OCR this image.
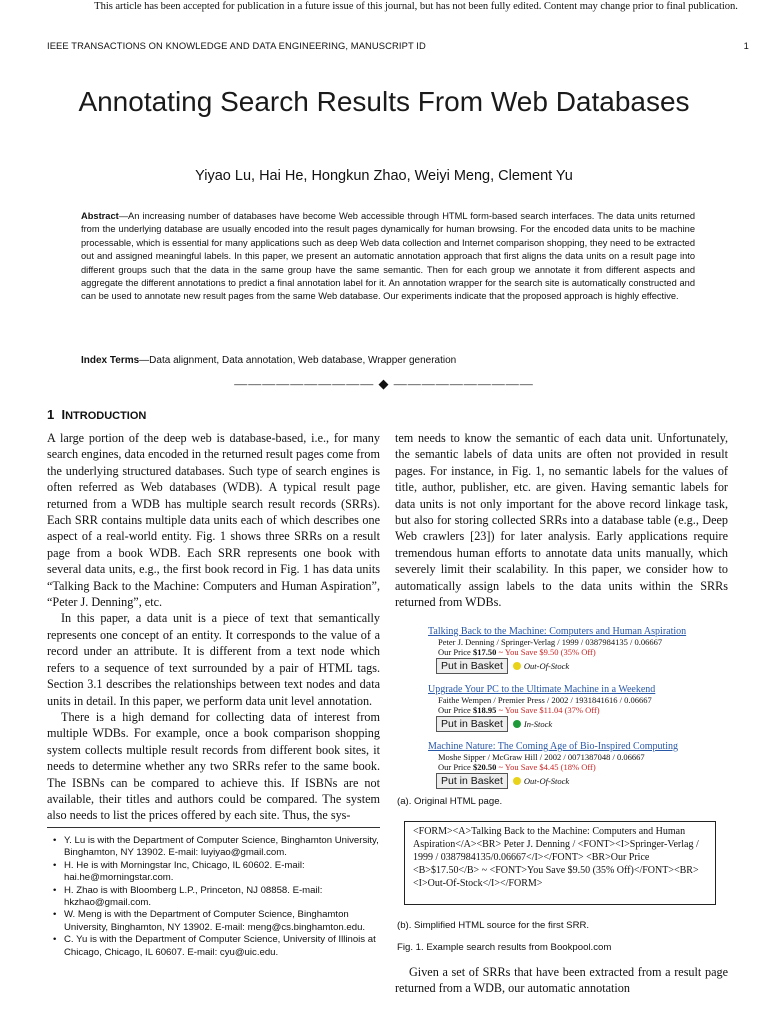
This article has been accepted for publication in a future issue of this journal, but has not been fully edited. Content may change prior to final publication.
IEEE TRANSACTIONS ON KNOWLEDGE AND DATA ENGINEERING, MANUSCRIPT ID	1
Annotating Search Results From Web Databases
Yiyao Lu, Hai He, Hongkun Zhao, Weiyi Meng, Clement Yu
Abstract—An increasing number of databases have become Web accessible through HTML form-based search interfaces. The data units returned from the underlying database are usually encoded into the result pages dynamically for human browsing. For the encoded data units to be machine processable, which is essential for many applications such as deep Web data collection and Internet comparison shopping, they need to be extracted out and assigned meaningful labels. In this paper, we present an automatic annotation approach that first aligns the data units on a result page into different groups such that the data in the same group have the same semantic. Then for each group we annotate it from different aspects and aggregate the different annotations to predict a final annotation label for it. An annotation wrapper for the search site is automatically constructed and can be used to annotate new result pages from the same Web database. Our experiments indicate that the proposed approach is highly effective.
Index Terms—Data alignment, Data annotation, Web database, Wrapper generation
—————————— ◆ ——————————
1 INTRODUCTION

A large portion of the deep web is database-based, i.e., for many search engines, data encoded in the returned result pages come from the underlying structured databases. Such type of search engines is often referred as Web databases (WDB). A typical result page returned from a WDB has multiple search result records (SRRs). Each SRR contains multiple data units each of which describes one aspect of a real-world entity. Fig. 1 shows three SRRs on a result page from a book WDB. Each SRR represents one book with several data units, e.g., the first book record in Fig. 1 has data units “Talking Back to the Machine: Computers and Human Aspiration”, “Peter J. Denning”, etc.

In this paper, a data unit is a piece of text that semantically represents one concept of an entity. It corresponds to the value of a record under an attribute. It is different from a text node which refers to a sequence of text surrounded by a pair of HTML tags. Section 3.1 describes the relationships between text nodes and data units in detail. In this paper, we perform data unit level annotation.

There is a high demand for collecting data of interest from multiple WDBs. For example, once a book comparison shopping system collects multiple result records from different book sites, it needs to determine whether any two SRRs refer to the same book. The ISBNs can be compared to achieve this. If ISBNs are not available, their titles and authors could be compared. The system also needs to list the prices offered by each site. Thus, the sys-

• Y. Lu is with the Department of Computer Science, Binghamton University, Binghamton, NY 13902. E-mail: luyiyao@gmail.com.
• H. He is with Morningstar Inc, Chicago, IL 60602. E-mail: hai.he@morningstar.com.
• H. Zhao is with Bloomberg L.P., Princeton, NJ 08858. E-mail: hkzhao@gmail.com.
• W. Meng is with the Department of Computer Science, Binghamton University, Binghamton, NY 13902. E-mail: meng@cs.binghamton.edu.
• C. Yu is with the Department of Computer Science, University of Illinois at Chicago, Chicago, IL 60607. E-mail: cyu@uic.edu.

tem needs to know the semantic of each data unit. Unfortunately, the semantic labels of data units are often not provided in result pages. For instance, in Fig. 1, no semantic labels for the values of title, author, publisher, etc. are given. Having semantic labels for data units is not only important for the above record linkage task, but also for storing collected SRRs into a database table (e.g., Deep Web crawlers [23]) for later analysis. Early applications require tremendous human efforts to annotate data units manually, which severely limit their scalability. In this paper, we consider how to automatically assign labels to the data units within the SRRs returned from WDBs.

Talking Back to the Machine: Computers and Human Aspiration
Peter J. Denning / Springer-Verlag / 1999 / 0387984135 / 0.06667
Our Price $17.50 ~ You Save $9.50 (35% Off)
Put in Basket	Out-Of-Stock
Upgrade Your PC to the Ultimate Machine in a Weekend
Faithe Wempen / Premier Press / 2002 / 1931841616 / 0.06667
Our Price $18.95 ~ You Save $11.04 (37% Off)
Put in Basket	In-Stock
Machine Nature: The Coming Age of Bio-Inspired Computing
Moshe Sipper / McGraw Hill / 2002 / 0071387048 / 0.06667
Our Price $20.50 ~ You Save $4.45 (18% Off)
Put in Basket	Out-Of-Stock
(a). Original HTML page.
<FORM><A>Talking Back to the Machine: Computers and Human Aspiration</A><BR> Peter J. Denning / <FONT><I>Springer-Verlag / 1999 / 0387984135/0.06667</I></FONT> <BR>Our Price <B>$17.50</B> ~ <FONT>You Save $9.50 (35% Off)</FONT><BR> <I>Out-Of-Stock</I></FORM>
(b). Simplified HTML source for the first SRR.
Fig. 1. Example search results from Bookpool.com

Given a set of SRRs that have been extracted from a result page returned from a WDB, our automatic annotation
